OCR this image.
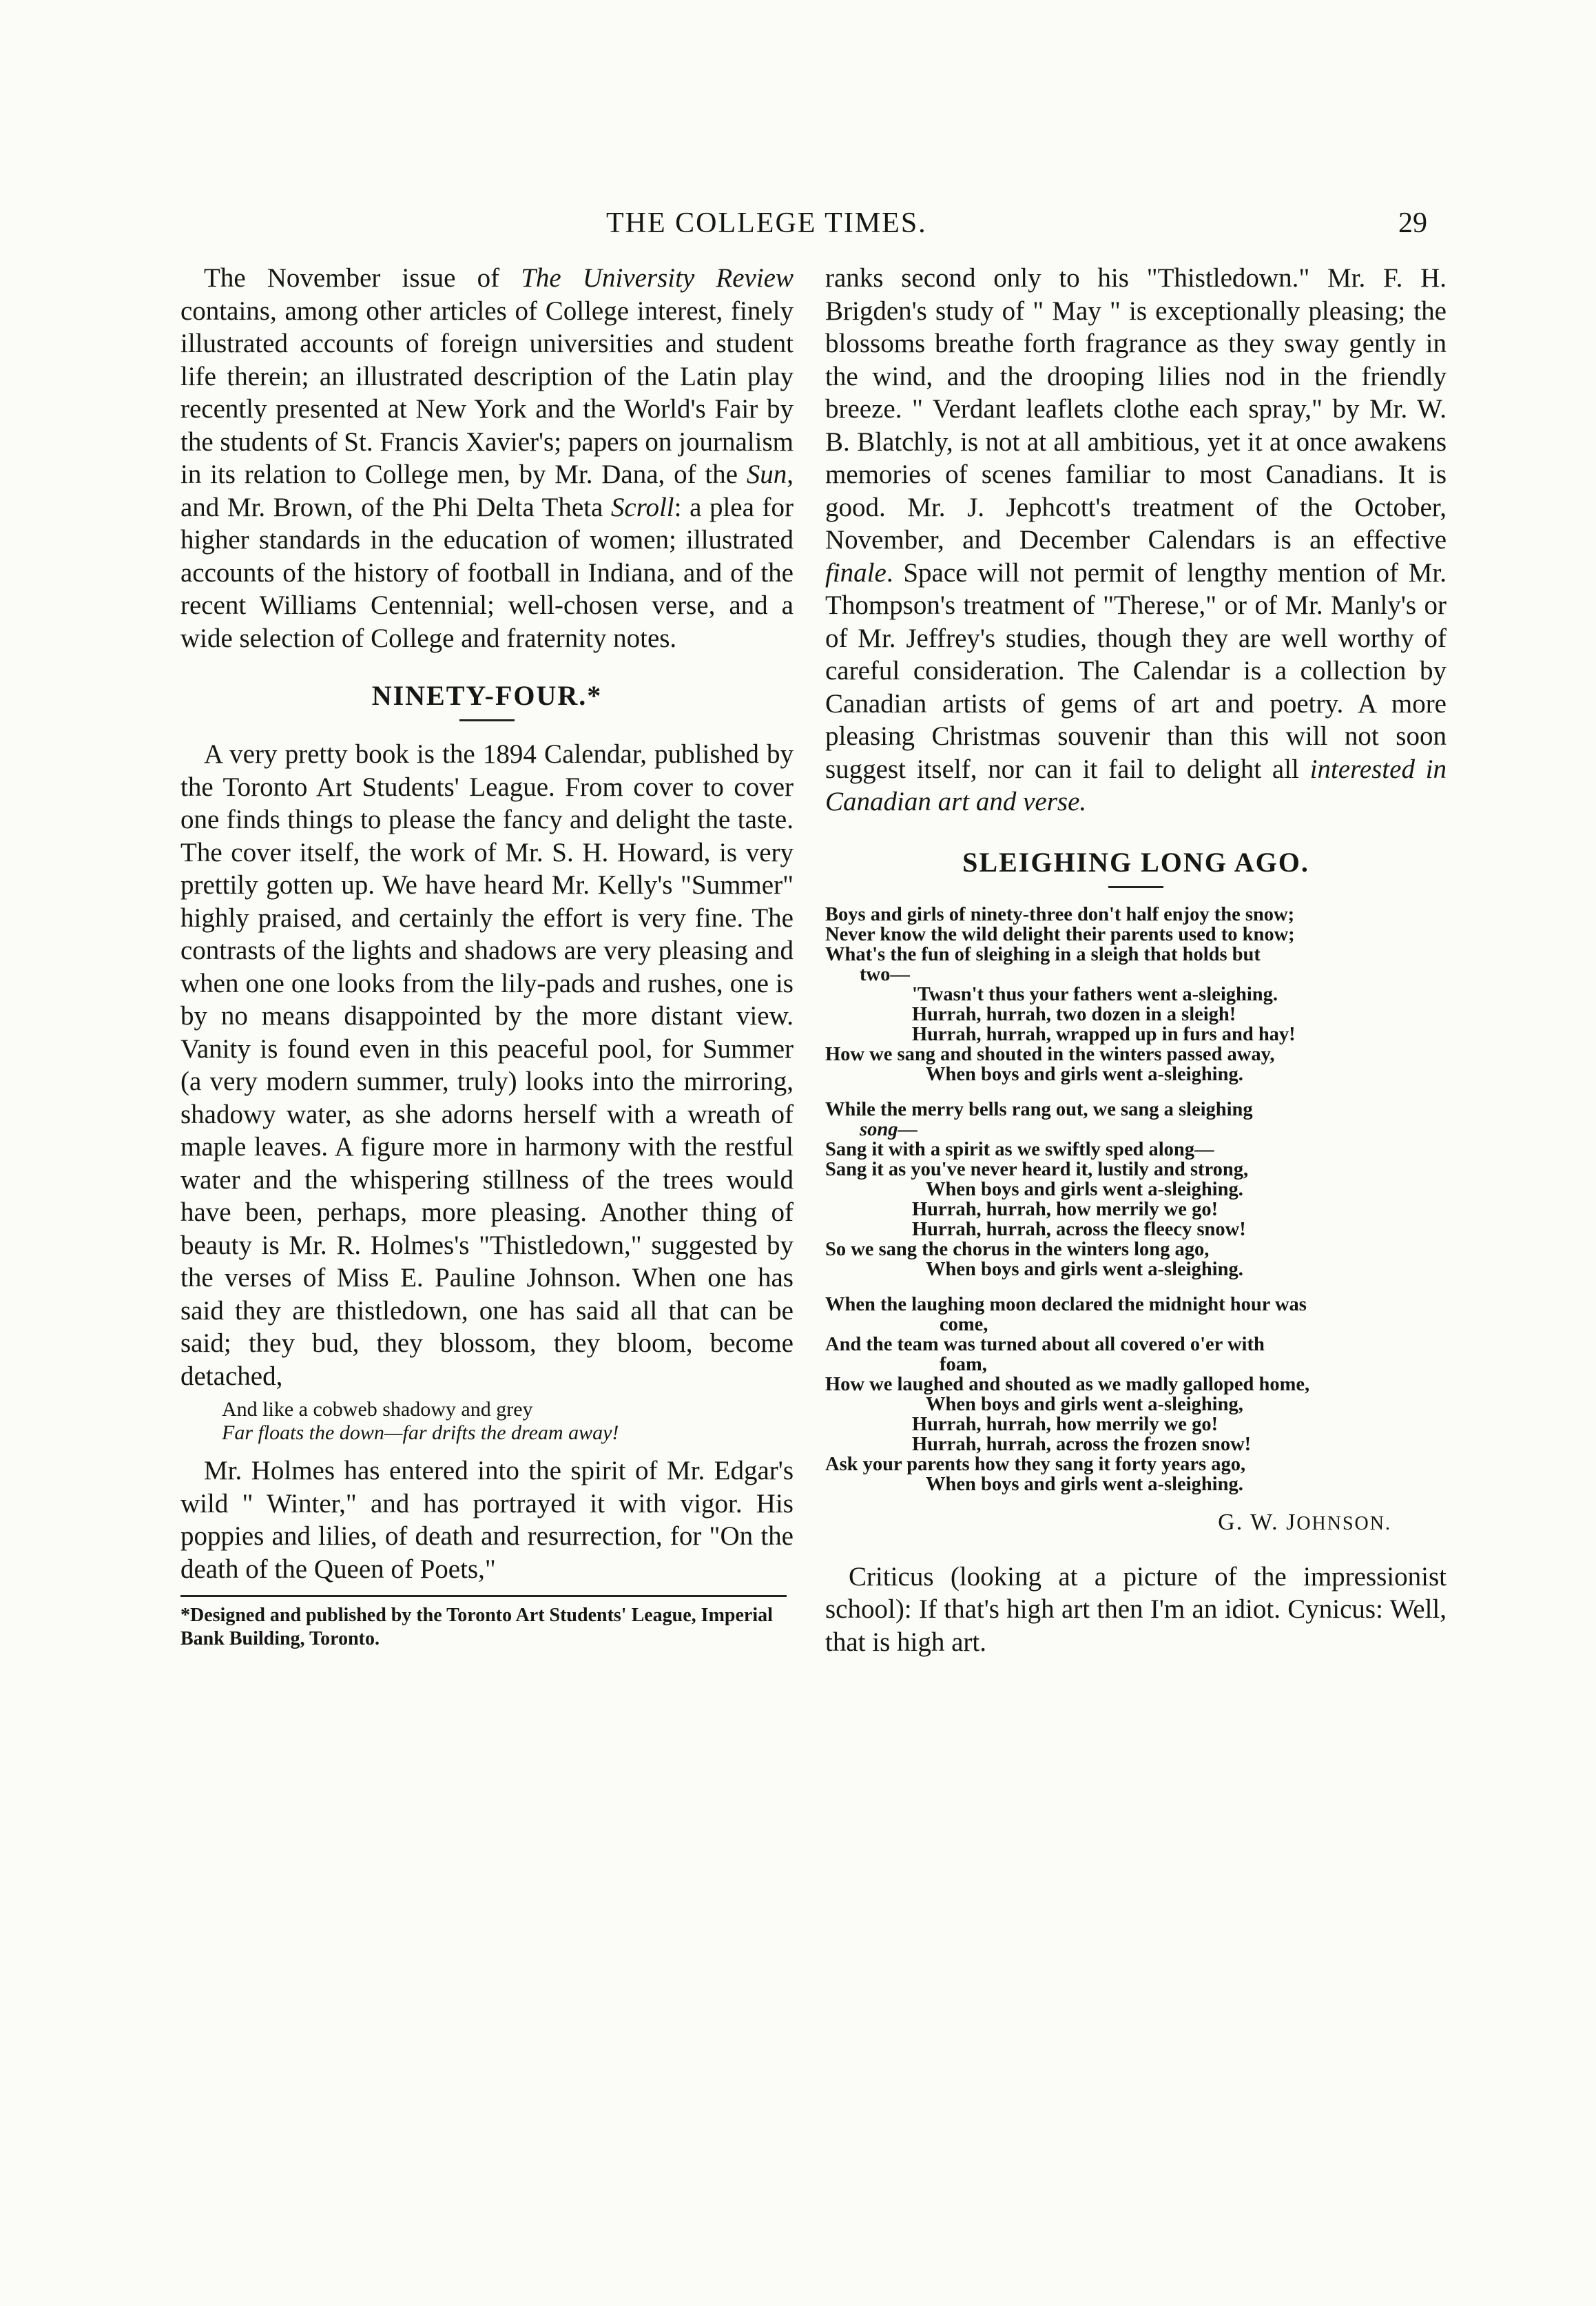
THE COLLEGE TIMES.	29

The November issue of The University Review contains, among other articles of College interest, finely illustrated accounts of foreign universities and student life therein; an illustrated description of the Latin play recently presented at New York and the World's Fair by the students of St. Francis Xavier's; papers on journalism in its relation to College men, by Mr. Dana, of the Sun, and Mr. Brown, of the Phi Delta Theta Scroll: a plea for higher standards in the education of women; illustrated accounts of the history of football in Indiana, and of the recent Williams Centennial; well-chosen verse, and a wide selection of College and fraternity notes.

NINETY-FOUR.*

A very pretty book is the 1894 Calendar, published by the Toronto Art Students' League. From cover to cover one finds things to please the fancy and delight the taste. The cover itself, the work of Mr. S. H. Howard, is very prettily gotten up. We have heard Mr. Kelly's "Summer" highly praised, and certainly the effort is very fine. The contrasts of the lights and shadows are very pleasing and when one one looks from the lily-pads and rushes, one is by no means disappointed by the more distant view. Vanity is found even in this peaceful pool, for Summer (a very modern summer, truly) looks into the mirroring, shadowy water, as she adorns herself with a wreath of maple leaves. A figure more in harmony with the restful water and the whispering stillness of the trees would have been, perhaps, more pleasing. Another thing of beauty is Mr. R. Holmes's "Thistledown," suggested by the verses of Miss E. Pauline Johnson. When one has said they are thistledown, one has said all that can be said; they bud, they blossom, they bloom, become detached,

And like a cobweb shadowy and grey
Far floats the down—far drifts the dream away!

Mr. Holmes has entered into the spirit of Mr. Edgar's wild " Winter," and has portrayed it with vigor. His poppies and lilies, of death and resurrection, for "On the death of the Queen of Poets,"

*Designed and published by the Toronto Art Students' League, Imperial Bank Building, Toronto.

ranks second only to his "Thistledown." Mr. F. H. Brigden's study of " May " is exceptionally pleasing; the blossoms breathe forth fragrance as they sway gently in the wind, and the drooping lilies nod in the friendly breeze. " Verdant leaflets clothe each spray," by Mr. W. B. Blatchly, is not at all ambitious, yet it at once awakens memories of scenes familiar to most Canadians. It is good. Mr. J. Jephcott's treatment of the October, November, and December Calendars is an effective finale. Space will not permit of lengthy mention of Mr. Thompson's treatment of "Therese," or of Mr. Manly's or of Mr. Jeffrey's studies, though they are well worthy of careful consideration. The Calendar is a collection by Canadian artists of gems of art and poetry. A more pleasing Christmas souvenir than this will not soon suggest itself, nor can it fail to delight all interested in Canadian art and verse.

SLEIGHING LONG AGO.
Boys and girls of ninety-three don't half enjoy the snow;
Never know the wild delight their parents used to know;
What's the fun of sleighing in a sleigh that holds but
two—
'Twasn't thus your fathers went a-sleighing.
Hurrah, hurrah, two dozen in a sleigh!
Hurrah, hurrah, wrapped up in furs and hay!
How we sang and shouted in the winters passed away,
When boys and girls went a-sleighing.
While the merry bells rang out, we sang a sleighing
song—
Sang it with a spirit as we swiftly sped along—
Sang it as you've never heard it, lustily and strong,
When boys and girls went a-sleighing.
Hurrah, hurrah, how merrily we go!
Hurrah, hurrah, across the fleecy snow!
So we sang the chorus in the winters long ago,
When boys and girls went a-sleighing.
When the laughing moon declared the midnight hour was
come,
And the team was turned about all covered o'er with
foam,
How we laughed and shouted as we madly galloped home,
When boys and girls went a-sleighing,
Hurrah, hurrah, how merrily we go!
Hurrah, hurrah, across the frozen snow!
Ask your parents how they sang it forty years ago,
When boys and girls went a-sleighing.
G. W. JOHNSON.

Criticus (looking at a picture of the impressionist school): If that's high art then I'm an idiot. Cynicus: Well, that is high art.
